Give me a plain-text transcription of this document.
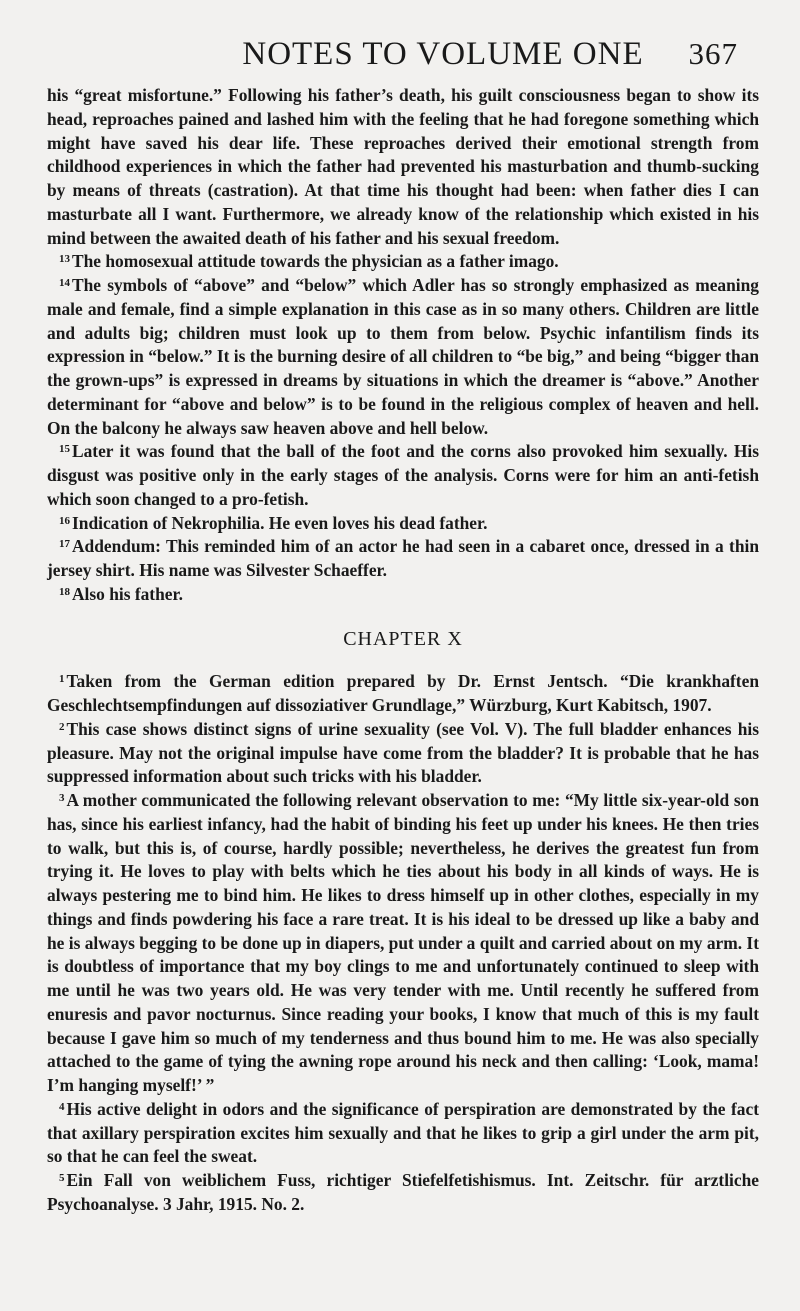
NOTES TO VOLUME ONE 367

his “great misfortune.” Following his father’s death, his guilt consciousness began to show its head, reproaches pained and lashed him with the feeling that he had foregone something which might have saved his dear life. These reproaches derived their emotional strength from childhood experiences in which the father had prevented his masturbation and thumb-sucking by means of threats (castration). At that time his thought had been: when father dies I can masturbate all I want. Furthermore, we already know of the relationship which existed in his mind between the awaited death of his father and his sexual freedom.

$^{13}$ The homosexual attitude towards the physician as a father imago.

$^{14}$ The symbols of “above” and “below” which Adler has so strongly emphasized as meaning male and female, find a simple explanation in this case as in so many others. Children are little and adults big; children must look up to them from below. Psychic infantilism finds its expression in “below.” It is the burning desire of all children to “be big,” and being “bigger than the grown-ups” is expressed in dreams by situations in which the dreamer is “above.” Another determinant for “above and below” is to be found in the religious complex of heaven and hell. On the balcony he always saw heaven above and hell below.

$^{15}$ Later it was found that the ball of the foot and the corns also provoked him sexually. His disgust was positive only in the early stages of the analysis. Corns were for him an anti-fetish which soon changed to a pro-fetish.

$^{16}$ Indication of Nekrophilia. He even loves his dead father.

$^{17}$ Addendum: This reminded him of an actor he had seen in a cabaret once, dressed in a thin jersey shirt. His name was Silvester Schaeffer.

$^{18}$ Also his father.

CHAPTER X

$^1$ Taken from the German edition prepared by Dr. Ernst Jentsch. “Die krankhaften Geschlechtsempfindungen auf dissoziativer Grundlage,” Würzburg, Kurt Kabitsch, 1907.

$^2$ This case shows distinct signs of urine sexuality (see Vol. V). The full bladder enhances his pleasure. May not the original impulse have come from the bladder? It is probable that he has suppressed information about such tricks with his bladder.

$^3$ A mother communicated the following relevant observation to me: “My little six-year-old son has, since his earliest infancy, had the habit of binding his feet up under his knees. He then tries to walk, but this is, of course, hardly possible; nevertheless, he derives the greatest fun from trying it. He loves to play with belts which he ties about his body in all kinds of ways. He is always pestering me to bind him. He likes to dress himself up in other clothes, especially in my things and finds powdering his face a rare treat. It is his ideal to be dressed up like a baby and he is always begging to be done up in diapers, put under a quilt and carried about on my arm. It is doubtless of importance that my boy clings to me and unfortunately continued to sleep with me until he was two years old. He was very tender with me. Until recently he suffered from enuresis and pavor nocturnus. Since reading your books, I know that much of this is my fault because I gave him so much of my tenderness and thus bound him to me. He was also specially attached to the game of tying the awning rope around his neck and then calling: ‘Look, mama! I’m hanging myself!’ ”

$^4$ His active delight in odors and the significance of perspiration are demonstrated by the fact that axillary perspiration excites him sexually and that he likes to grip a girl under the arm pit, so that he can feel the sweat.

$^5$ Ein Fall von weiblichem Fuss, richtiger Stiefelfetishismus. Int. Zeitschr. für arztliche Psychoanalyse. 3 Jahr, 1915. No. 2.
